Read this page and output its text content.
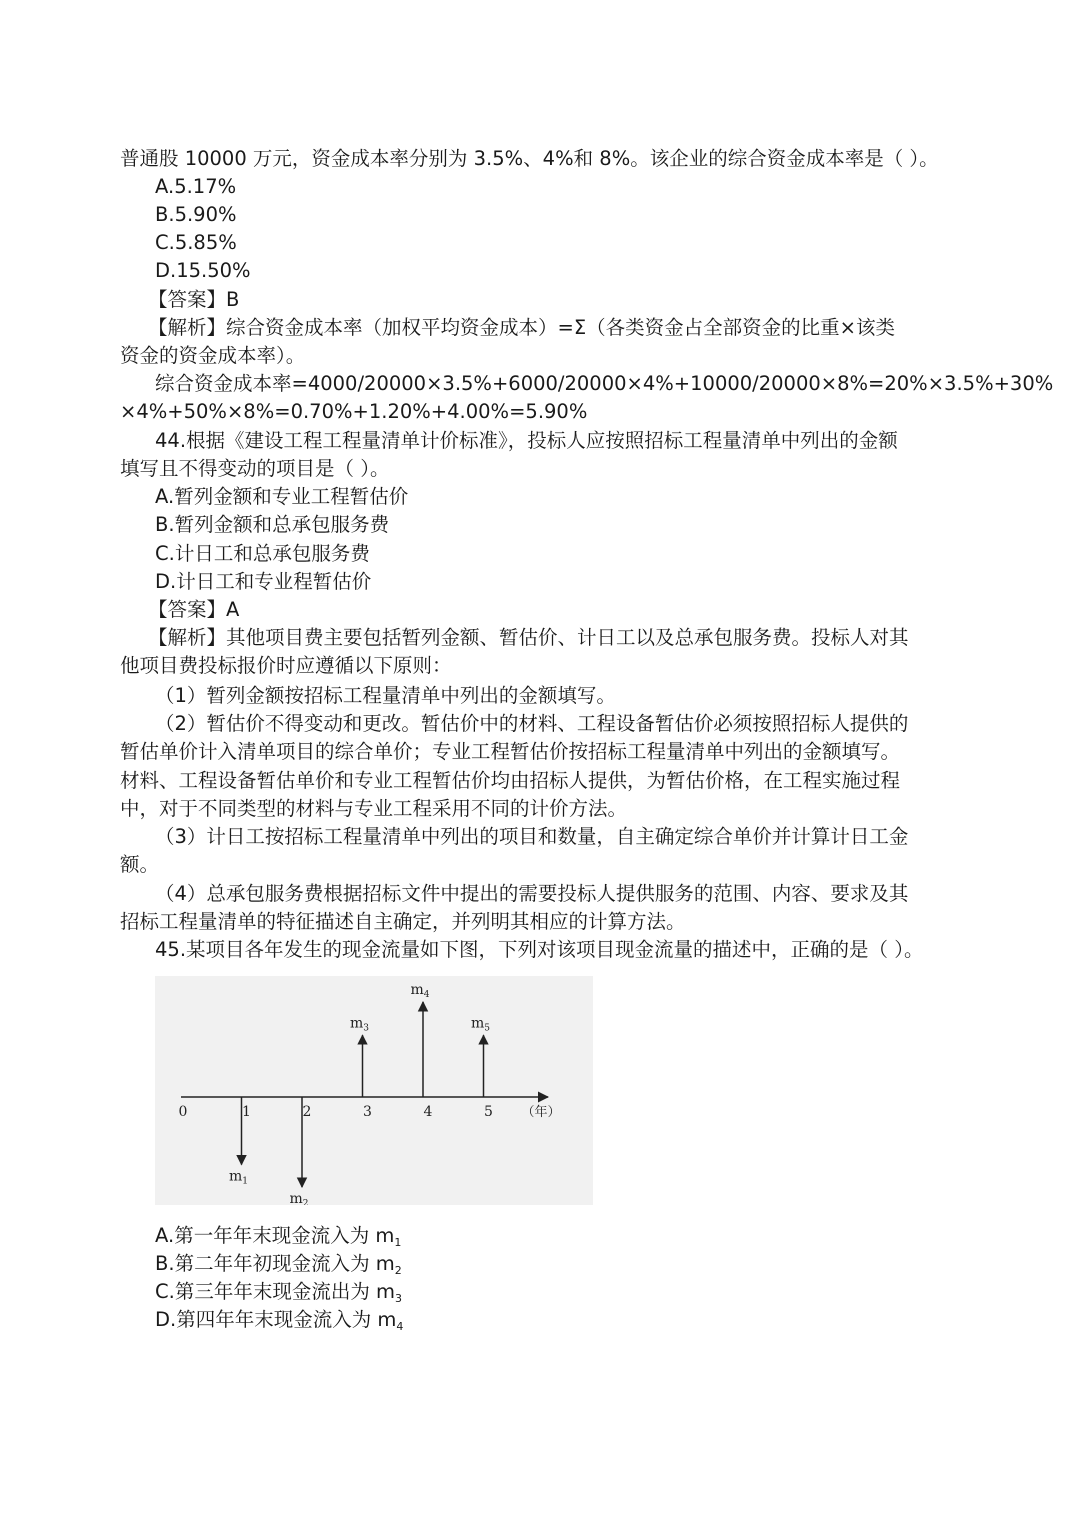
普通股 10000 万元，资金成本率分别为 3.5%、4%和 8%。该企业的综合资金成本率是（ ）。
A.5.17%
B.5.90%
C.5.85%
D.15.50%
【答案】B
【解析】综合资金成本率（加权平均资金成本）=Σ（各类资金占全部资金的比重×该类
资金的资金成本率）。
综合资金成本率=4000/20000×3.5%+6000/20000×4%+10000/20000×8%=20%×3.5%+30%
×4%+50%×8%=0.70%+1.20%+4.00%=5.90%
44.根据《建设工程工程量清单计价标准》，投标人应按照招标工程量清单中列出的金额
填写且不得变动的项目是（ ）。
A.暂列金额和专业工程暂估价
B.暂列金额和总承包服务费
C.计日工和总承包服务费
D.计日工和专业程暂估价
【答案】A
【解析】其他项目费主要包括暂列金额、暂估价、计日工以及总承包服务费。投标人对其
他项目费投标报价时应遵循以下原则：
（1）暂列金额按招标工程量清单中列出的金额填写。
（2）暂估价不得变动和更改。暂估价中的材料、工程设备暂估价必须按照招标人提供的
暂估单价计入清单项目的综合单价；专业工程暂估价按招标工程量清单中列出的金额填写。
材料、工程设备暂估单价和专业工程暂估价均由招标人提供，为暂估价格，在工程实施过程
中，对于不同类型的材料与专业工程采用不同的计价方法。
（3）计日工按招标工程量清单中列出的项目和数量，自主确定综合单价并计算计日工金
额。
（4）总承包服务费根据招标文件中提出的需要投标人提供服务的范围、内容、要求及其
招标工程量清单的特征描述自主确定，并列明其相应的计算方法。
45.某项目各年发生的现金流量如下图，下列对该项目现金流量的描述中，正确的是（ ）。
0	1	2	3	4	5 （年）
$m_1$
$m_2$
$m_3$
$m_4$
$m_5$
A.第一年年末现金流入为 $m_1$
B.第二年年初现金流入为 $m_2$
C.第三年年末现金流出为 $m_3$
D.第四年年末现金流入为 $m_4$
